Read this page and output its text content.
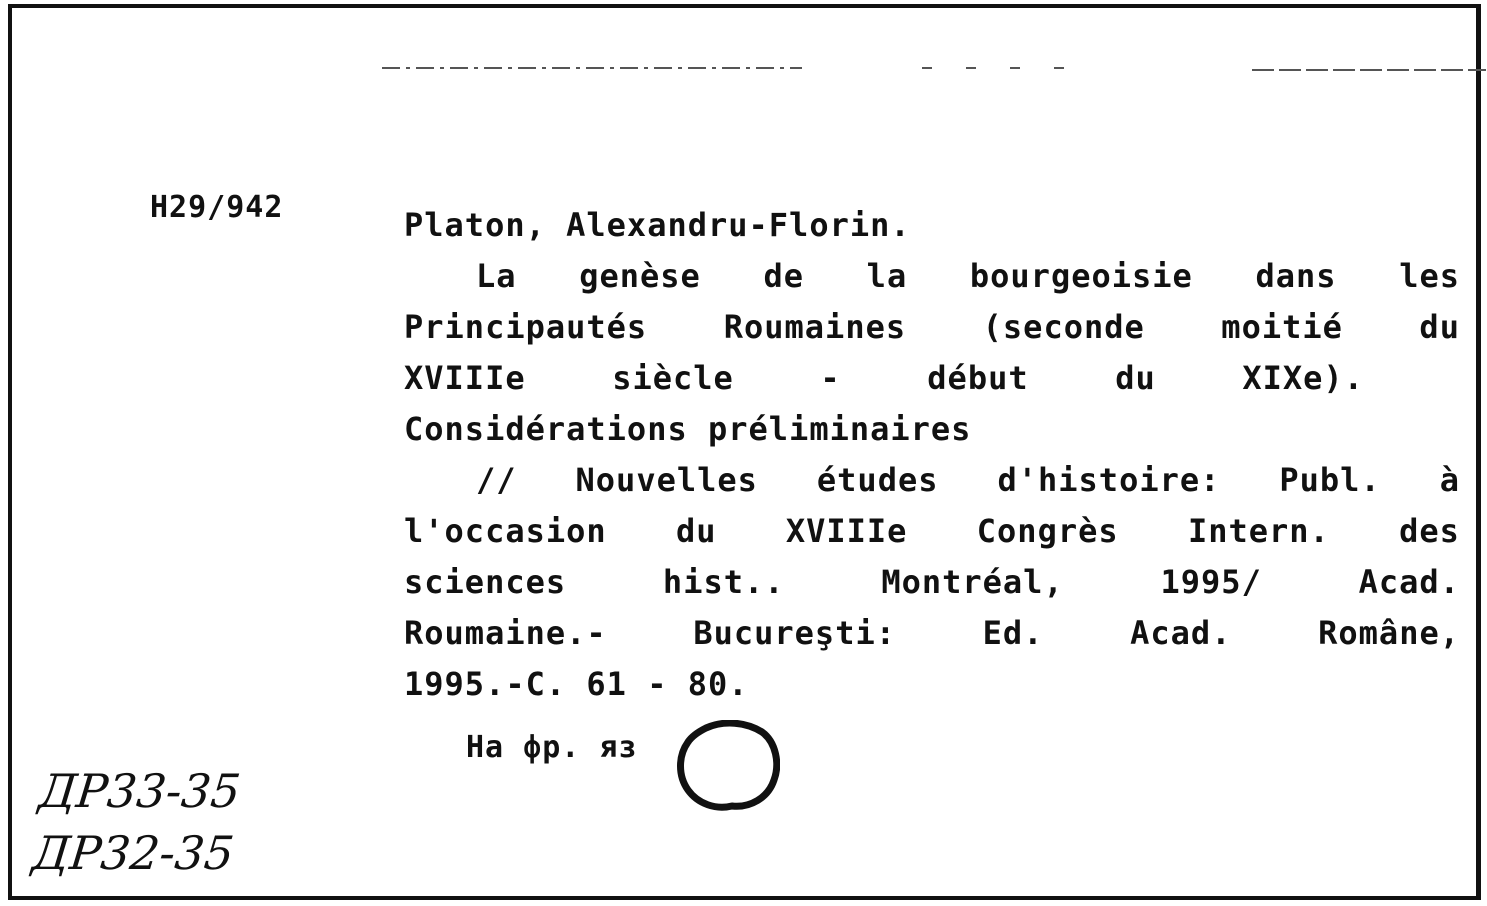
H29/942	Platon, Alexandru-Florin.
La genèse de la bourgeoisie dans les
Principautés Roumaines (seconde moitié du
XVIIIe	siècle	-	début	du	XIXe).
Considérations préliminaires
// Nouvelles études d'histoire: Publ. à
l'occasion du XVIIIe Congrès Intern. des
sciences	hist..	Montréal,	1995/	Acad.
Roumaine.-	Bucureşti:	Ed.	Acad.	Române,
1995.-C. 61 - 80.
На фр. яз
ДР33-35
ДР32-35
